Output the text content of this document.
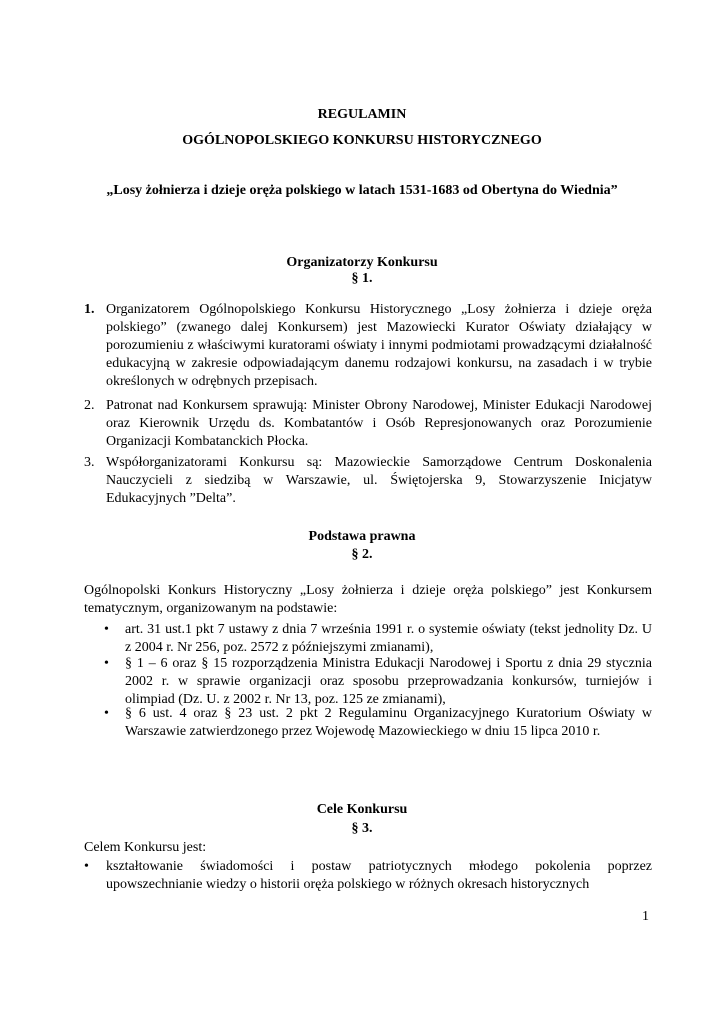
REGULAMIN
OGÓLNOPOLSKIEGO KONKURSU HISTORYCZNEGO
„Losy żołnierza i dzieje oręża polskiego w latach 1531-1683 od Obertyna do Wiednia”
Organizatorzy Konkursu
§ 1.
1. Organizatorem Ogólnopolskiego Konkursu Historycznego „Losy żołnierza i dzieje oręża polskiego” (zwanego dalej Konkursem) jest Mazowiecki Kurator Oświaty działający w porozumieniu z właściwymi kuratorami oświaty i innymi podmiotami prowadzącymi działalność edukacyjną w zakresie odpowiadającym danemu rodzajowi konkursu, na zasadach i w trybie określonych w odrębnych przepisach.
2. Patronat nad Konkursem sprawują: Minister Obrony Narodowej, Minister Edukacji Narodowej oraz Kierownik Urzędu ds. Kombatantów i Osób Represjonowanych oraz Porozumienie Organizacji Kombatanckich Płocka.
3. Współorganizatorami Konkursu są: Mazowieckie Samorządowe Centrum Doskonalenia Nauczycieli z siedzibą w Warszawie, ul. Świętojerska 9, Stowarzyszenie Inicjatyw Edukacyjnych ”Delta”.
Podstawa prawna
§ 2.
Ogólnopolski Konkurs Historyczny „Losy żołnierza i dzieje oręża polskiego” jest Konkursem tematycznym, organizowanym na podstawie:
• art. 31 ust.1 pkt 7 ustawy z dnia 7 września 1991 r. o systemie oświaty (tekst jednolity Dz. U z 2004 r. Nr 256, poz. 2572 z późniejszymi zmianami),
• § 1 – 6 oraz § 15 rozporządzenia Ministra Edukacji Narodowej i Sportu z dnia 29 stycznia 2002 r. w sprawie organizacji oraz sposobu przeprowadzania konkursów, turniejów i olimpiad (Dz. U. z 2002 r. Nr 13, poz. 125 ze zmianami),
• § 6 ust. 4 oraz § 23 ust. 2 pkt 2 Regulaminu Organizacyjnego Kuratorium Oświaty w Warszawie zatwierdzonego przez Wojewodę Mazowieckiego w dniu 15 lipca 2010 r.
Cele Konkursu
§ 3.
Celem Konkursu jest:
• kształtowanie świadomości i postaw patriotycznych młodego pokolenia poprzez upowszechnianie wiedzy o historii oręża polskiego w różnych okresach historycznych
1
